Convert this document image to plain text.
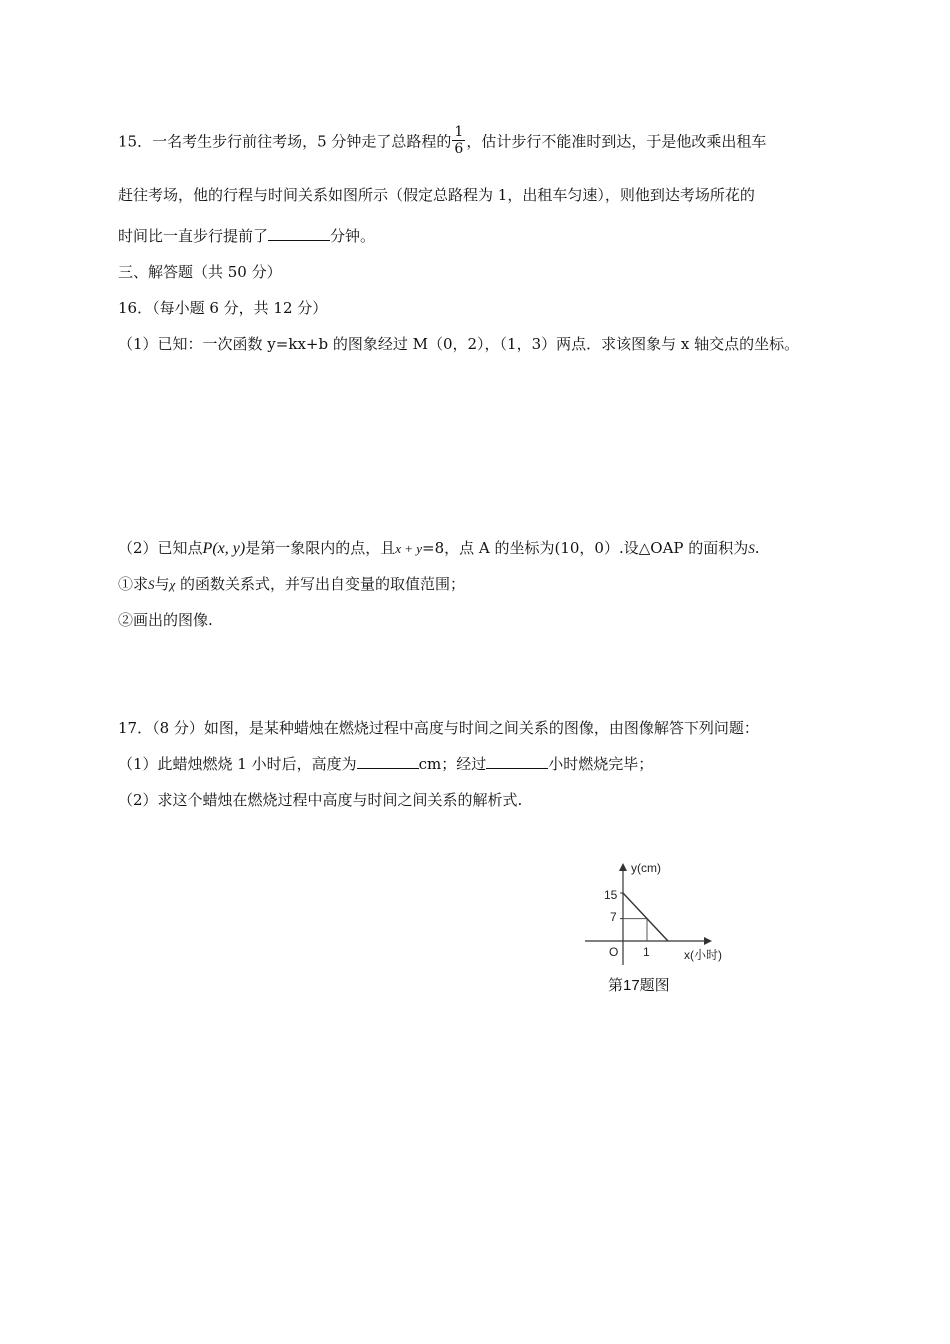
15．一名考生步行前往考场，5 分钟走了总路程的 $\frac{1}{6}$ ，估计步行不能准时到达，于是他改乘出租车
赶往考场，他的行程与时间关系如图所示（假定总路程为 1，出租车匀速），则他到达考场所花的
时间比一直步行提前了	分钟。
三、解答题（共 50 分）
16．（每小题 6 分，共 12 分）
（1）已知：一次函数 y=kx+b 的图象经过 M（0，2），（1，3）两点．求该图象与 x 轴交点的坐标。
（2）已知点P(x, y)是第一象限内的点，且x + y=8，点 A 的坐标为(10，0）.设△OAP 的面积为S.
①求S与χ 的函数关系式，并写出自变量的取值范围；
②画出的图像.
17．（8 分）如图，是某种蜡烛在燃烧过程中高度与时间之间关系的图像，由图像解答下列问题：
（1）此蜡烛燃烧 1 小时后，高度为	cm；经过	小时燃烧完毕；
（2）求这个蜡烛在燃烧过程中高度与时间之间关系的解析式.
y(cm)
x(小时)
O
15
7
1
第17题图
